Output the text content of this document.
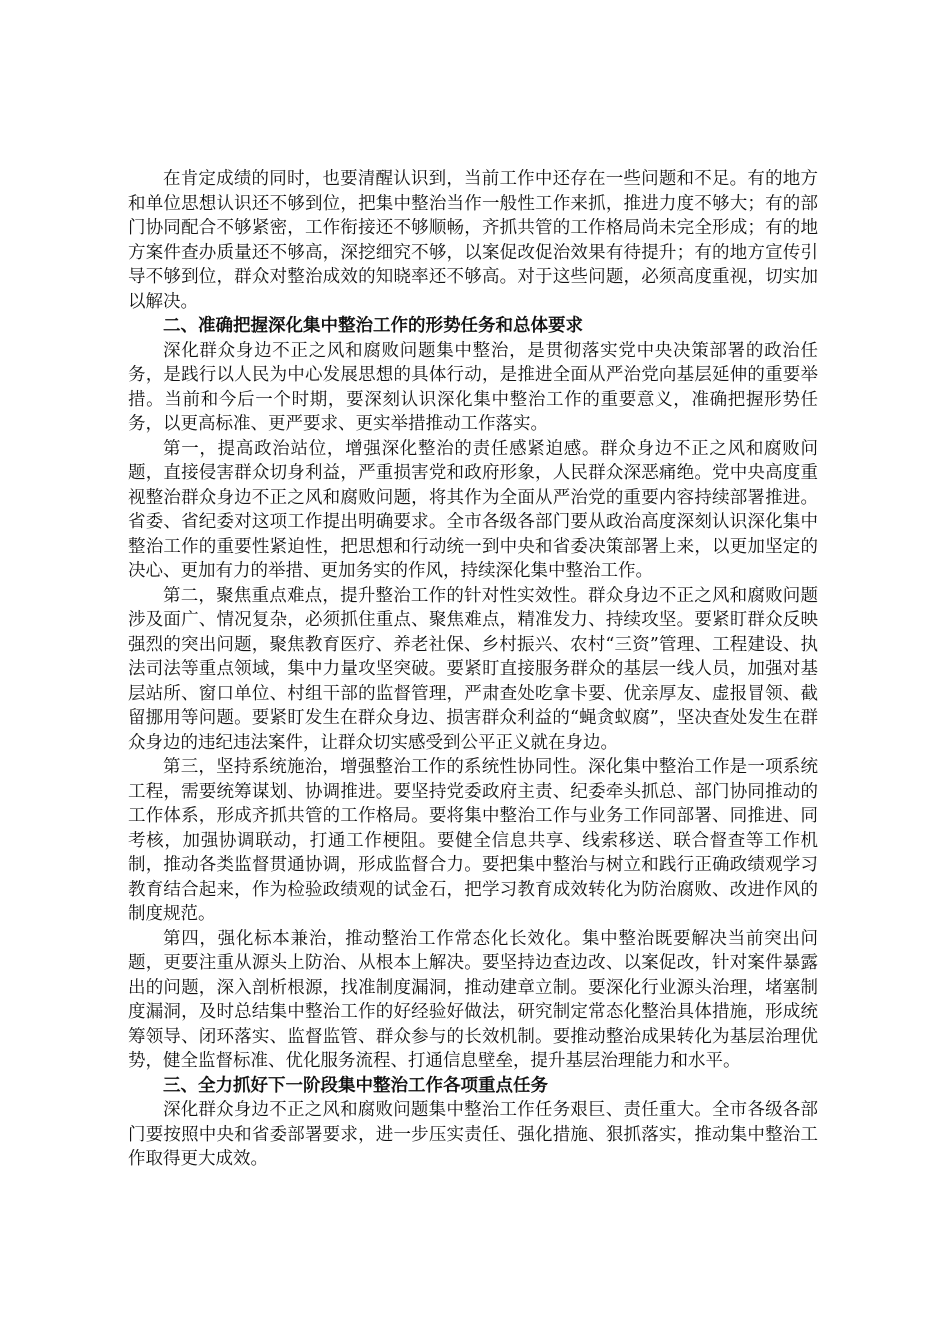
在肯定成绩的同时，也要清醒认识到，当前工作中还存在一些问题和不足。有的地方和单位思想认识还不够到位，把集中整治当作一般性工作来抓，推进力度不够大；有的部门协同配合不够紧密，工作衔接还不够顺畅，齐抓共管的工作格局尚未完全形成；有的地方案件查办质量还不够高，深挖细究不够，以案促改促治效果有待提升；有的地方宣传引导不够到位，群众对整治成效的知晓率还不够高。对于这些问题，必须高度重视，切实加以解决。

二、准确把握深化集中整治工作的形势任务和总体要求

深化群众身边不正之风和腐败问题集中整治，是贯彻落实党中央决策部署的政治任务，是践行以人民为中心发展思想的具体行动，是推进全面从严治党向基层延伸的重要举措。当前和今后一个时期，要深刻认识深化集中整治工作的重要意义，准确把握形势任务，以更高标准、更严要求、更实举措推动工作落实。

第一，提高政治站位，增强深化整治的责任感紧迫感。群众身边不正之风和腐败问题，直接侵害群众切身利益，严重损害党和政府形象，人民群众深恶痛绝。党中央高度重视整治群众身边不正之风和腐败问题，将其作为全面从严治党的重要内容持续部署推进。省委、省纪委对这项工作提出明确要求。全市各级各部门要从政治高度深刻认识深化集中整治工作的重要性紧迫性，把思想和行动统一到中央和省委决策部署上来，以更加坚定的决心、更加有力的举措、更加务实的作风，持续深化集中整治工作。

第二，聚焦重点难点，提升整治工作的针对性实效性。群众身边不正之风和腐败问题涉及面广、情况复杂，必须抓住重点、聚焦难点，精准发力、持续攻坚。要紧盯群众反映强烈的突出问题，聚焦教育医疗、养老社保、乡村振兴、农村“三资”管理、工程建设、执法司法等重点领域，集中力量攻坚突破。要紧盯直接服务群众的基层一线人员，加强对基层站所、窗口单位、村组干部的监督管理，严肃查处吃拿卡要、优亲厚友、虚报冒领、截留挪用等问题。要紧盯发生在群众身边、损害群众利益的“蝇贪蚁腐”，坚决查处发生在群众身边的违纪违法案件，让群众切实感受到公平正义就在身边。

第三，坚持系统施治，增强整治工作的系统性协同性。深化集中整治工作是一项系统工程，需要统筹谋划、协调推进。要坚持党委政府主责、纪委牵头抓总、部门协同推动的工作体系，形成齐抓共管的工作格局。要将集中整治工作与业务工作同部署、同推进、同考核，加强协调联动，打通工作梗阻。要健全信息共享、线索移送、联合督查等工作机制，推动各类监督贯通协调，形成监督合力。要把集中整治与树立和践行正确政绩观学习教育结合起来，作为检验政绩观的试金石，把学习教育成效转化为防治腐败、改进作风的制度规范。

第四，强化标本兼治，推动整治工作常态化长效化。集中整治既要解决当前突出问题，更要注重从源头上防治、从根本上解决。要坚持边查边改、以案促改，针对案件暴露出的问题，深入剖析根源，找准制度漏洞，推动建章立制。要深化行业源头治理，堵塞制度漏洞，及时总结集中整治工作的好经验好做法，研究制定常态化整治具体措施，形成统筹领导、闭环落实、监督监管、群众参与的长效机制。要推动整治成果转化为基层治理优势，健全监督标准、优化服务流程、打通信息壁垒，提升基层治理能力和水平。

三、全力抓好下一阶段集中整治工作各项重点任务

深化群众身边不正之风和腐败问题集中整治工作任务艰巨、责任重大。全市各级各部门要按照中央和省委部署要求，进一步压实责任、强化措施、狠抓落实，推动集中整治工作取得更大成效。
